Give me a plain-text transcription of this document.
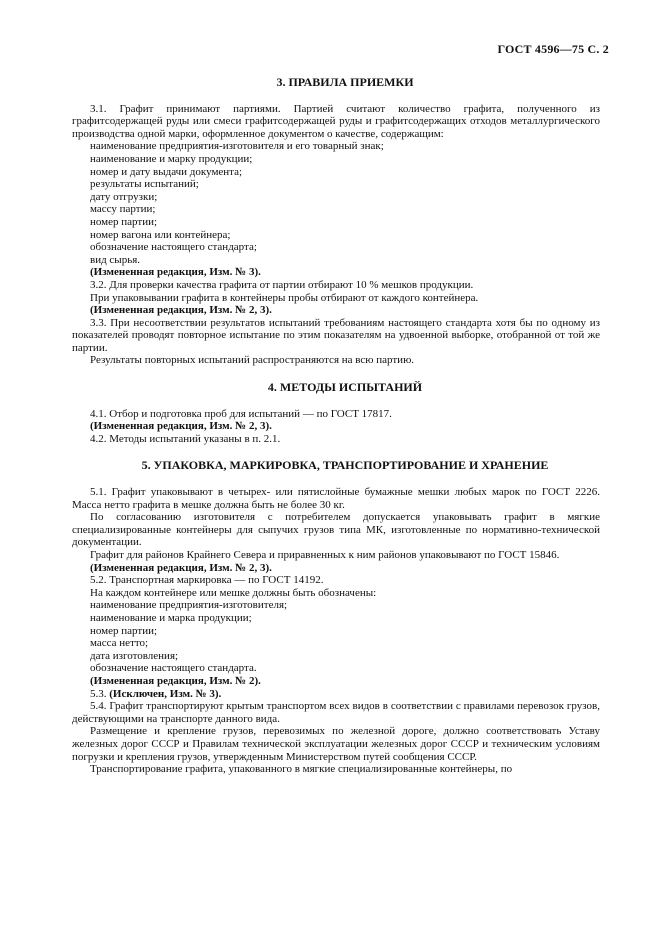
ГОСТ 4596—75 С. 2
3. ПРАВИЛА ПРИЕМКИ
3.1. Графит принимают партиями. Партией считают количество графита, полученного из графитсодержащей руды или смеси графитсодержащей руды и графитсодержащих отходов металлургического производства одной марки, оформленное документом о качестве, содержащим:
наименование предприятия-изготовителя и его товарный знак;
наименование и марку продукции;
номер и дату выдачи документа;
результаты испытаний;
дату отгрузки;
массу партии;
номер партии;
номер вагона или контейнера;
обозначение настоящего стандарта;
вид сырья.
(Измененная редакция, Изм. № 3).
3.2. Для проверки качества графита от партии отбирают 10 % мешков продукции.
При упаковывании графита в контейнеры пробы отбирают от каждого контейнера.
(Измененная редакция, Изм. № 2, 3).
3.3. При несоответствии результатов испытаний требованиям настоящего стандарта хотя бы по одному из показателей проводят повторное испытание по этим показателям на удвоенной выборке, отобранной от той же партии.
Результаты повторных испытаний распространяются на всю партию.
4. МЕТОДЫ ИСПЫТАНИЙ
4.1. Отбор и подготовка проб для испытаний — по ГОСТ 17817.
(Измененная редакция, Изм. № 2, 3).
4.2. Методы испытаний указаны в п. 2.1.
5. УПАКОВКА, МАРКИРОВКА, ТРАНСПОРТИРОВАНИЕ И ХРАНЕНИЕ
5.1. Графит упаковывают в четырех- или пятислойные бумажные мешки любых марок по ГОСТ 2226. Масса нетто графита в мешке должна быть не более 30 кг.
По согласованию изготовителя с потребителем допускается упаковывать графит в мягкие специализированные контейнеры для сыпучих грузов типа МК, изготовленные по нормативно-технической документации.
Графит для районов Крайнего Севера и приравненных к ним районов упаковывают по ГОСТ 15846.
(Измененная редакция, Изм. № 2, 3).
5.2. Транспортная маркировка — по ГОСТ 14192.
На каждом контейнере или мешке должны быть обозначены:
наименование предприятия-изготовителя;
наименование и марка продукции;
номер партии;
масса нетто;
дата изготовления;
обозначение настоящего стандарта.
(Измененная редакция, Изм. № 2).
5.3. (Исключен, Изм. № 3).
5.4. Графит транспортируют крытым транспортом всех видов в соответствии с правилами перевозок грузов, действующими на транспорте данного вида.
Размещение и крепление грузов, перевозимых по железной дороге, должно соответствовать Уставу железных дорог СССР и Правилам технической эксплуатации железных дорог СССР и техническим условиям погрузки и крепления грузов, утвержденным Министерством путей сообщения СССР.
Транспортирование графита, упакованного в мягкие специализированные контейнеры, по
